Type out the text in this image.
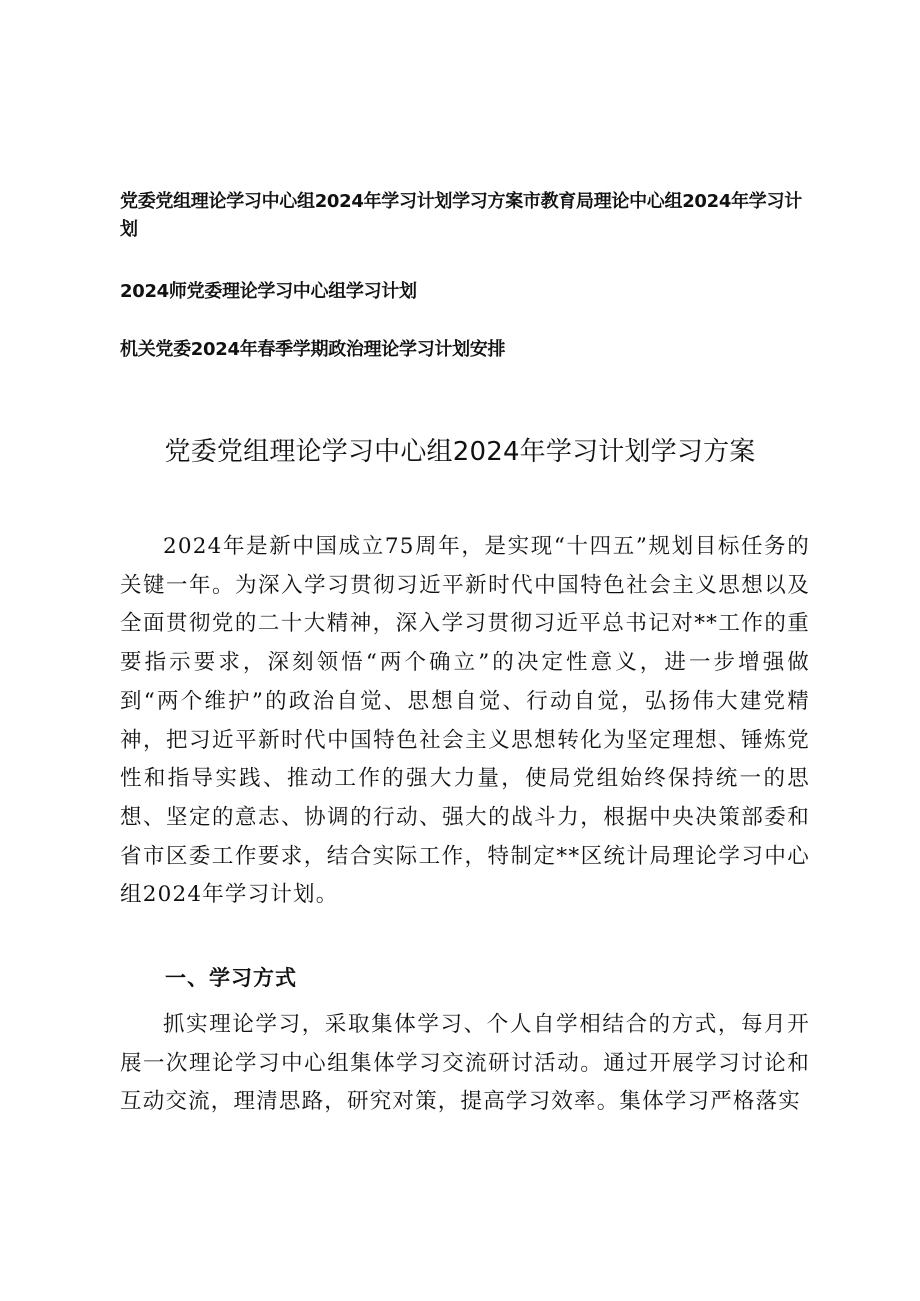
党委党组理论学习中心组2024年学习计划学习方案市教育局理论中心组2024年学习计划
2024师党委理论学习中心组学习计划
机关党委2024年春季学期政治理论学习计划安排
党委党组理论学习中心组2024年学习计划学习方案

2024年是新中国成立75周年，是实现“十四五”规划目标任务的关键一年。为深入学习贯彻习近平新时代中国特色社会主义思想以及全面贯彻党的二十大精神，深入学习贯彻习近平总书记对**工作的重要指示要求，深刻领悟“两个确立”的决定性意义，进一步增强做到“两个维护”的政治自觉、思想自觉、行动自觉，弘扬伟大建党精神，把习近平新时代中国特色社会主义思想转化为坚定理想、锤炼党性和指导实践、推动工作的强大力量，使局党组始终保持统一的思想、坚定的意志、协调的行动、强大的战斗力，根据中央决策部委和省市区委工作要求，结合实际工作，特制定**区统计局理论学习中心组2024年学习计划。

一、学习方式

抓实理论学习，采取集体学习、个人自学相结合的方式，每月开展一次理论学习中心组集体学习交流研讨活动。通过开展学习讨论和互动交流，理清思路，研究对策，提高学习效率。集体学习严格落实
